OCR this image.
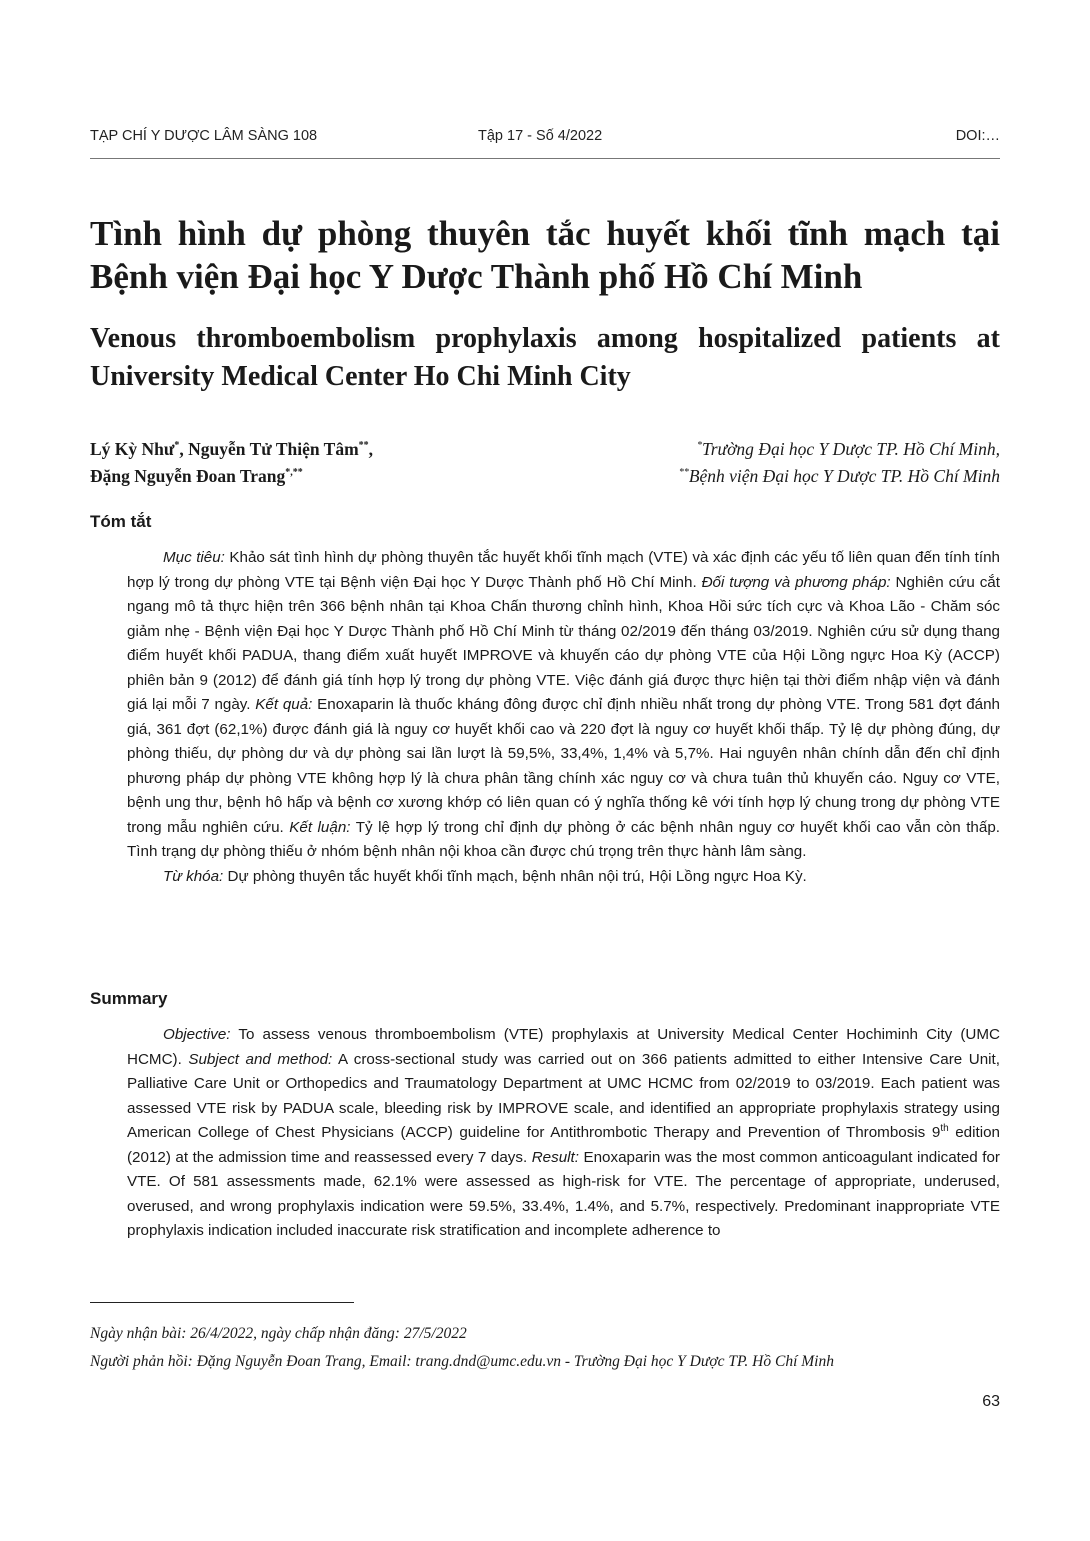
TẠP CHÍ Y DƯỢC LÂM SÀNG 108	Tập 17 - Số 4/2022	DOI:…
Tình hình dự phòng thuyên tắc huyết khối tĩnh mạch tại Bệnh viện Đại học Y Dược Thành phố Hồ Chí Minh
Venous thromboembolism prophylaxis among hospitalized patients at University Medical Center Ho Chi Minh City
Lý Kỳ Như*, Nguyễn Tử Thiện Tâm**,
Đặng Nguyễn Đoan Trang*,**
*Trường Đại học Y Dược TP. Hồ Chí Minh,
**Bệnh viện Đại học Y Dược TP. Hồ Chí Minh
Tóm tắt

Mục tiêu: Khảo sát tình hình dự phòng thuyên tắc huyết khối tĩnh mạch (VTE) và xác định các yếu tố liên quan đến tính tính hợp lý trong dự phòng VTE tại Bệnh viện Đại học Y Dược Thành phố Hồ Chí Minh. Đối tượng và phương pháp: Nghiên cứu cắt ngang mô tả thực hiện trên 366 bệnh nhân tại Khoa Chấn thương chỉnh hình, Khoa Hồi sức tích cực và Khoa Lão - Chăm sóc giảm nhẹ - Bệnh viện Đại học Y Dược Thành phố Hồ Chí Minh từ tháng 02/2019 đến tháng 03/2019. Nghiên cứu sử dụng thang điểm huyết khối PADUA, thang điểm xuất huyết IMPROVE và khuyến cáo dự phòng VTE của Hội Lồng ngực Hoa Kỳ (ACCP) phiên bản 9 (2012) để đánh giá tính hợp lý trong dự phòng VTE. Việc đánh giá được thực hiện tại thời điểm nhập viện và đánh giá lại mỗi 7 ngày. Kết quả: Enoxaparin là thuốc kháng đông được chỉ định nhiều nhất trong dự phòng VTE. Trong 581 đợt đánh giá, 361 đợt (62,1%) được đánh giá là nguy cơ huyết khối cao và 220 đợt là nguy cơ huyết khối thấp. Tỷ lệ dự phòng đúng, dự phòng thiếu, dự phòng dư và dự phòng sai lần lượt là 59,5%, 33,4%, 1,4% và 5,7%. Hai nguyên nhân chính dẫn đến chỉ định phương pháp dự phòng VTE không hợp lý là chưa phân tầng chính xác nguy cơ và chưa tuân thủ khuyến cáo. Nguy cơ VTE, bệnh ung thư, bệnh hô hấp và bệnh cơ xương khớp có liên quan có ý nghĩa thống kê với tính hợp lý chung trong dự phòng VTE trong mẫu nghiên cứu. Kết luận: Tỷ lệ hợp lý trong chỉ định dự phòng ở các bệnh nhân nguy cơ huyết khối cao vẫn còn thấp. Tình trạng dự phòng thiếu ở nhóm bệnh nhân nội khoa cần được chú trọng trên thực hành lâm sàng.

Từ khóa: Dự phòng thuyên tắc huyết khối tĩnh mạch, bệnh nhân nội trú, Hội Lồng ngực Hoa Kỳ.

Summary

Objective: To assess venous thromboembolism (VTE) prophylaxis at University Medical Center Hochiminh City (UMC HCMC). Subject and method: A cross-sectional study was carried out on 366 patients admitted to either Intensive Care Unit, Palliative Care Unit or Orthopedics and Traumatology Department at UMC HCMC from 02/2019 to 03/2019. Each patient was assessed VTE risk by PADUA scale, bleeding risk by IMPROVE scale, and identified an appropriate prophylaxis strategy using American College of Chest Physicians (ACCP) guideline for Antithrombotic Therapy and Prevention of Thrombosis 9th edition (2012) at the admission time and reassessed every 7 days. Result: Enoxaparin was the most common anticoagulant indicated for VTE. Of 581 assessments made, 62.1% were assessed as high-risk for VTE. The percentage of appropriate, underused, overused, and wrong prophylaxis indication were 59.5%, 33.4%, 1.4%, and 5.7%, respectively. Predominant inappropriate VTE prophylaxis indication included inaccurate risk stratification and incomplete adherence to

Ngày nhận bài: 26/4/2022, ngày chấp nhận đăng: 27/5/2022
Người phản hồi: Đặng Nguyễn Đoan Trang, Email: trang.dnd@umc.edu.vn - Trường Đại học Y Dược TP. Hồ Chí Minh
63
